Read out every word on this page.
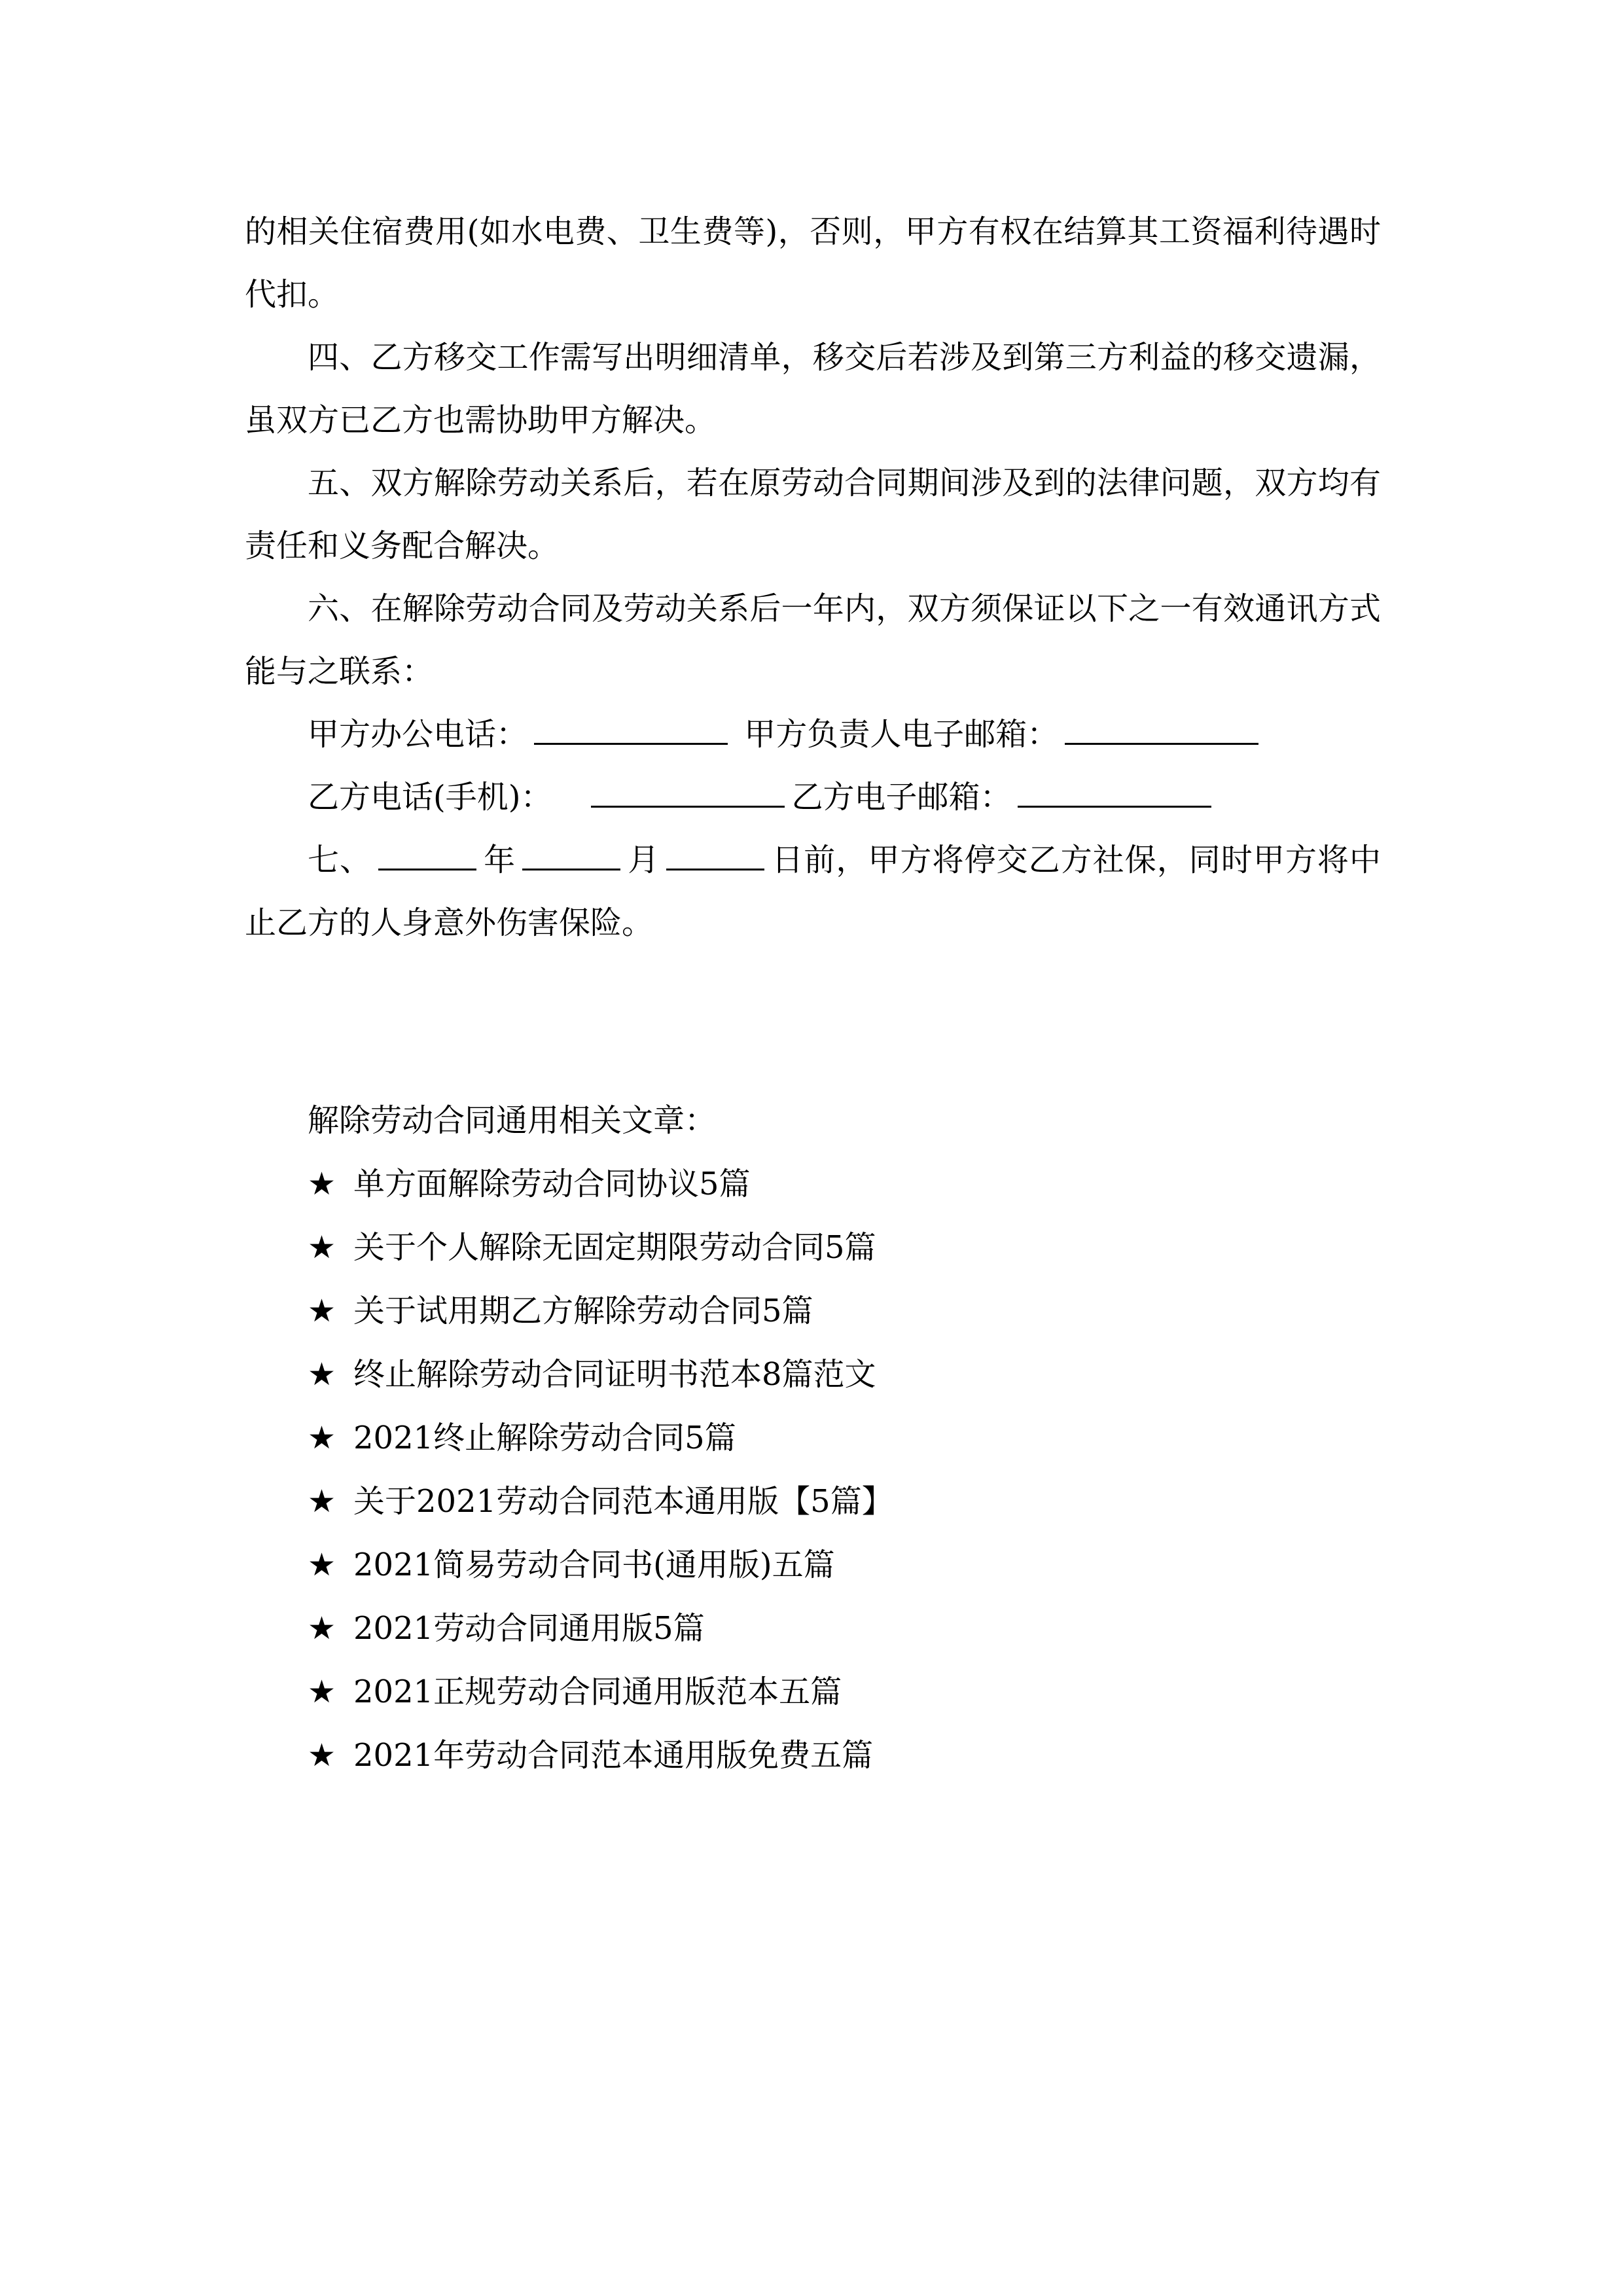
的相关住宿费用(如水电费、卫生费等)，否则，甲方有权在结算其工资福利待遇时代扣。

四、乙方移交工作需写出明细清单，移交后若涉及到第三方利益的移交遗漏，虽双方已乙方也需协助甲方解决。

五、双方解除劳动关系后，若在原劳动合同期间涉及到的法律问题，双方均有责任和义务配合解决。

六、在解除劳动合同及劳动关系后一年内，双方须保证以下之一有效通讯方式能与之联系：

甲方办公电话：	甲方负责人电子邮箱：

乙方电话(手机)：	乙方电子邮箱：

七、	年	月	日前，甲方将停交乙方社保，同时甲方将中止乙方的人身意外伤害保险。

解除劳动合同通用相关文章：

★ 单方面解除劳动合同协议5篇
★ 关于个人解除无固定期限劳动合同5篇
★ 关于试用期乙方解除劳动合同5篇
★ 终止解除劳动合同证明书范本8篇范文
★ 2021终止解除劳动合同5篇
★ 关于2021劳动合同范本通用版【5篇】
★ 2021简易劳动合同书(通用版)五篇
★ 2021劳动合同通用版5篇
★ 2021正规劳动合同通用版范本五篇
★ 2021年劳动合同范本通用版免费五篇
